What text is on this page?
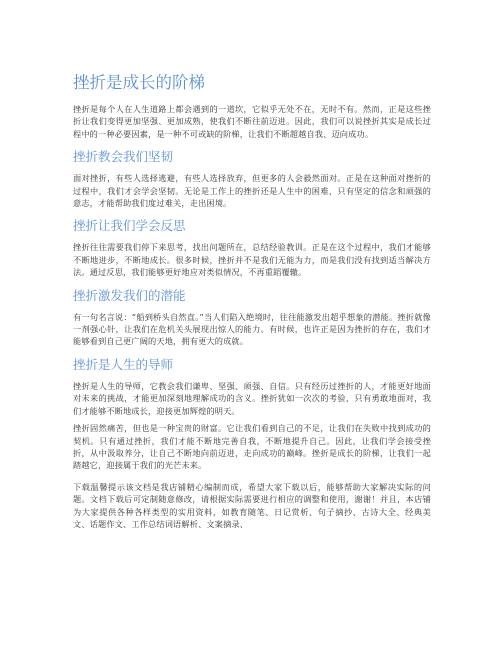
挫折是成长的阶梯

挫折是每个人在人生道路上都会遇到的一道坎，它似乎无处不在，无时不有。然而，正是这些挫折让我们变得更加坚强、更加成熟，使我们不断往前迈进。因此，我们可以说挫折其实是成长过程中的一种必要因素，是一种不可或缺的阶梯，让我们不断超越自我、迈向成功。

挫折教会我们坚韧

面对挫折，有些人选择逃避，有些人选择放弃，但更多的人会毅然面对。正是在这种面对挫折的过程中，我们才会学会坚韧。无论是工作上的挫折还是人生中的困难，只有坚定的信念和顽强的意志，才能帮助我们度过难关，走出困境。

挫折让我们学会反思

挫折往往需要我们停下来思考，找出问题所在，总结经验教训。正是在这个过程中，我们才能够不断地进步，不断地成长。很多时候，挫折并不是我们无能为力，而是我们没有找到适当解决方法。通过反思，我们能够更好地应对类似情况，不再重蹈覆辙。

挫折激发我们的潜能

有一句名言说：“船到桥头自然直。”当人们陷入绝境时，往往能激发出超乎想象的潜能。挫折就像一剂强心针，让我们在危机关头展现出惊人的能力。有时候，也许正是因为挫折的存在，我们才能够看到自己更广阔的天地，拥有更大的成就。

挫折是人生的导师

挫折是人生的导师，它教会我们谦卑、坚强、顽强、自信。只有经历过挫折的人，才能更好地面对未来的挑战，才能更加深刻地理解成功的含义。挫折犹如一次次的考验，只有勇敢地面对，我们才能够不断地成长，迎接更加辉煌的明天。

挫折固然痛苦，但也是一种宝贵的财富。它让我们看到自己的不足，让我们在失败中找到成功的契机。只有通过挫折，我们才能不断地完善自我，不断地提升自己。因此，让我们学会接受挫折，从中汲取养分，让自己不断地向前迈进，走向成功的巅峰。挫折是成长的阶梯，让我们一起踏越它，迎接属于我们的光芒未来。

下载温馨提示该文档是我店铺精心编制而成，希望大家下载以后，能够帮助大家解决实际的问题。文档下载后可定制随意修改，请根据实际需要进行相应的调整和使用，谢谢！并且，本店铺为大家提供各种各样类型的实用资料，如教育随笔、日记赏析、句子摘抄、古诗大全、经典美文、话题作文、工作总结词语解析、文案摘录、
